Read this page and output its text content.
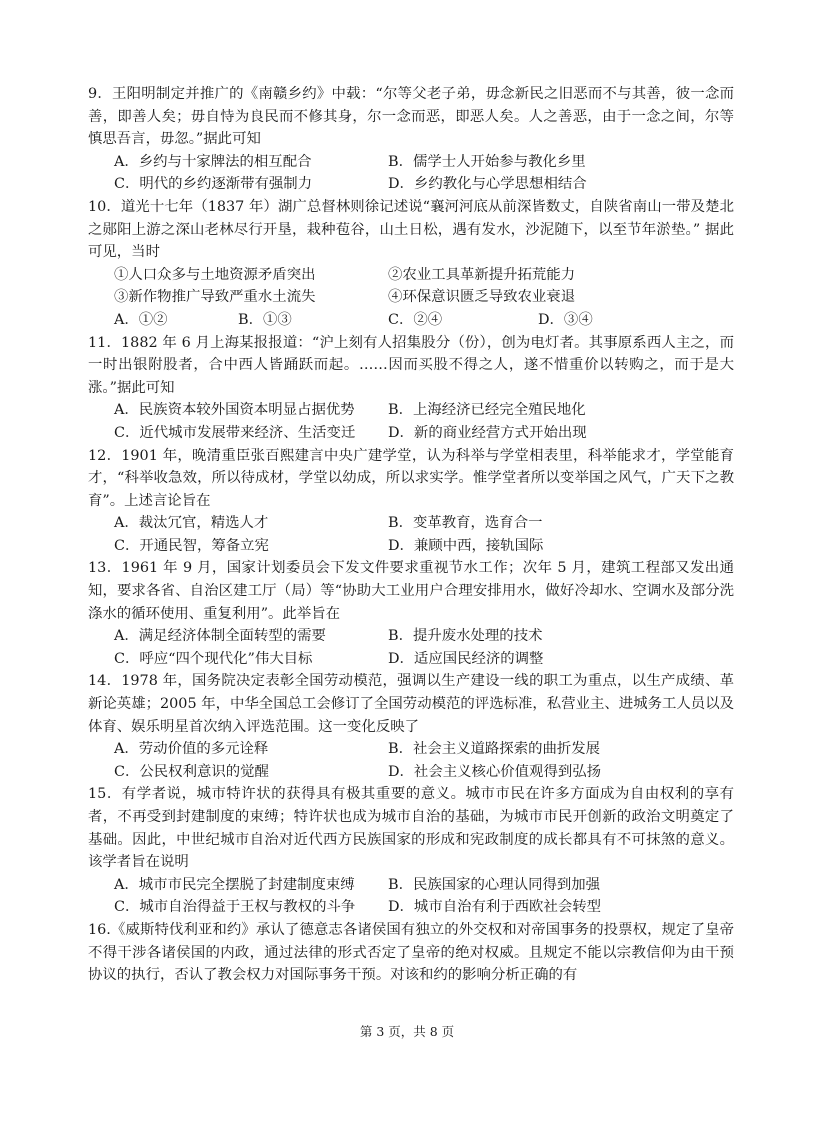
9．王阳明制定并推广的《南赣乡约》中载：“尔等父老子弟，毋念新民之旧恶而不与其善，彼一念而善，即善人矣；毋自恃为良民而不修其身，尔一念而恶，即恶人矣。人之善恶，由于一念之间，尔等慎思吾言，毋忽。”据此可知

A．乡约与十家牌法的相互配合	B．儒学士人开始参与教化乡里
C．明代的乡约逐渐带有强制力	D．乡约教化与心学思想相结合

10．道光十七年（1837 年）湖广总督林则徐记述说“襄河河底从前深皆数丈，自陕省南山一带及楚北之郧阳上游之深山老林尽行开垦，栽种苞谷，山土日松，遇有发水，沙泥随下，以至节年淤垫。” 据此可见，当时

①人口众多与土地资源矛盾突出	②农业工具革新提升拓荒能力
③新作物推广导致严重水土流失	④环保意识匮乏导致农业衰退
A．①②	B．①③	C．②④	D．③④

11．1882 年 6 月上海某报报道：“沪上刻有人招集股分（份），创为电灯者。其事原系西人主之，而一时出银附股者，合中西人皆踊跃而起。……因而买股不得之人，遂不惜重价以转购之，而于是大涨。”据此可知

A．民族资本较外国资本明显占据优势	B．上海经济已经完全殖民地化
C．近代城市发展带来经济、生活变迁	D．新的商业经营方式开始出现

12．1901 年，晚清重臣张百熙建言中央广建学堂，认为科举与学堂相表里，科举能求才，学堂能育才，“科举收急效，所以待成材，学堂以幼成，所以求实学。惟学堂者所以变举国之风气，广天下之教育”。上述言论旨在

A．裁汰冗官，精选人才	B．变革教育，选育合一
C．开通民智，筹备立宪	D．兼顾中西，接轨国际

13．1961 年 9 月，国家计划委员会下发文件要求重视节水工作；次年 5 月，建筑工程部又发出通知，要求各省、自治区建工厅（局）等“协助大工业用户合理安排用水，做好冷却水、空调水及部分洗涤水的循环使用、重复利用”。此举旨在

A．满足经济体制全面转型的需要	B．提升废水处理的技术
C．呼应“四个现代化”伟大目标	D．适应国民经济的调整

14．1978 年，国务院决定表彰全国劳动模范，强调以生产建设一线的职工为重点，以生产成绩、革新论英雄；2005 年，中华全国总工会修订了全国劳动模范的评选标准，私营业主、进城务工人员以及体育、娱乐明星首次纳入评选范围。这一变化反映了

A．劳动价值的多元诠释	B．社会主义道路探索的曲折发展
C．公民权利意识的觉醒	D．社会主义核心价值观得到弘扬

15．有学者说，城市特许状的获得具有极其重要的意义。城市市民在许多方面成为自由权利的享有者，不再受到封建制度的束缚；特许状也成为城市自治的基础，为城市市民开创新的政治文明奠定了基础。因此，中世纪城市自治对近代西方民族国家的形成和宪政制度的成长都具有不可抹煞的意义。该学者旨在说明

A．城市市民完全摆脱了封建制度束缚	B．民族国家的心理认同得到加强
C．城市自治得益于王权与教权的斗争	D．城市自治有利于西欧社会转型

16.《威斯特伐利亚和约》承认了德意志各诸侯国有独立的外交权和对帝国事务的投票权，规定了皇帝不得干涉各诸侯国的内政，通过法律的形式否定了皇帝的绝对权威。且规定不能以宗教信仰为由干预协议的执行，否认了教会权力对国际事务干预。对该和约的影响分析正确的有

第 3 页，共 8 页
